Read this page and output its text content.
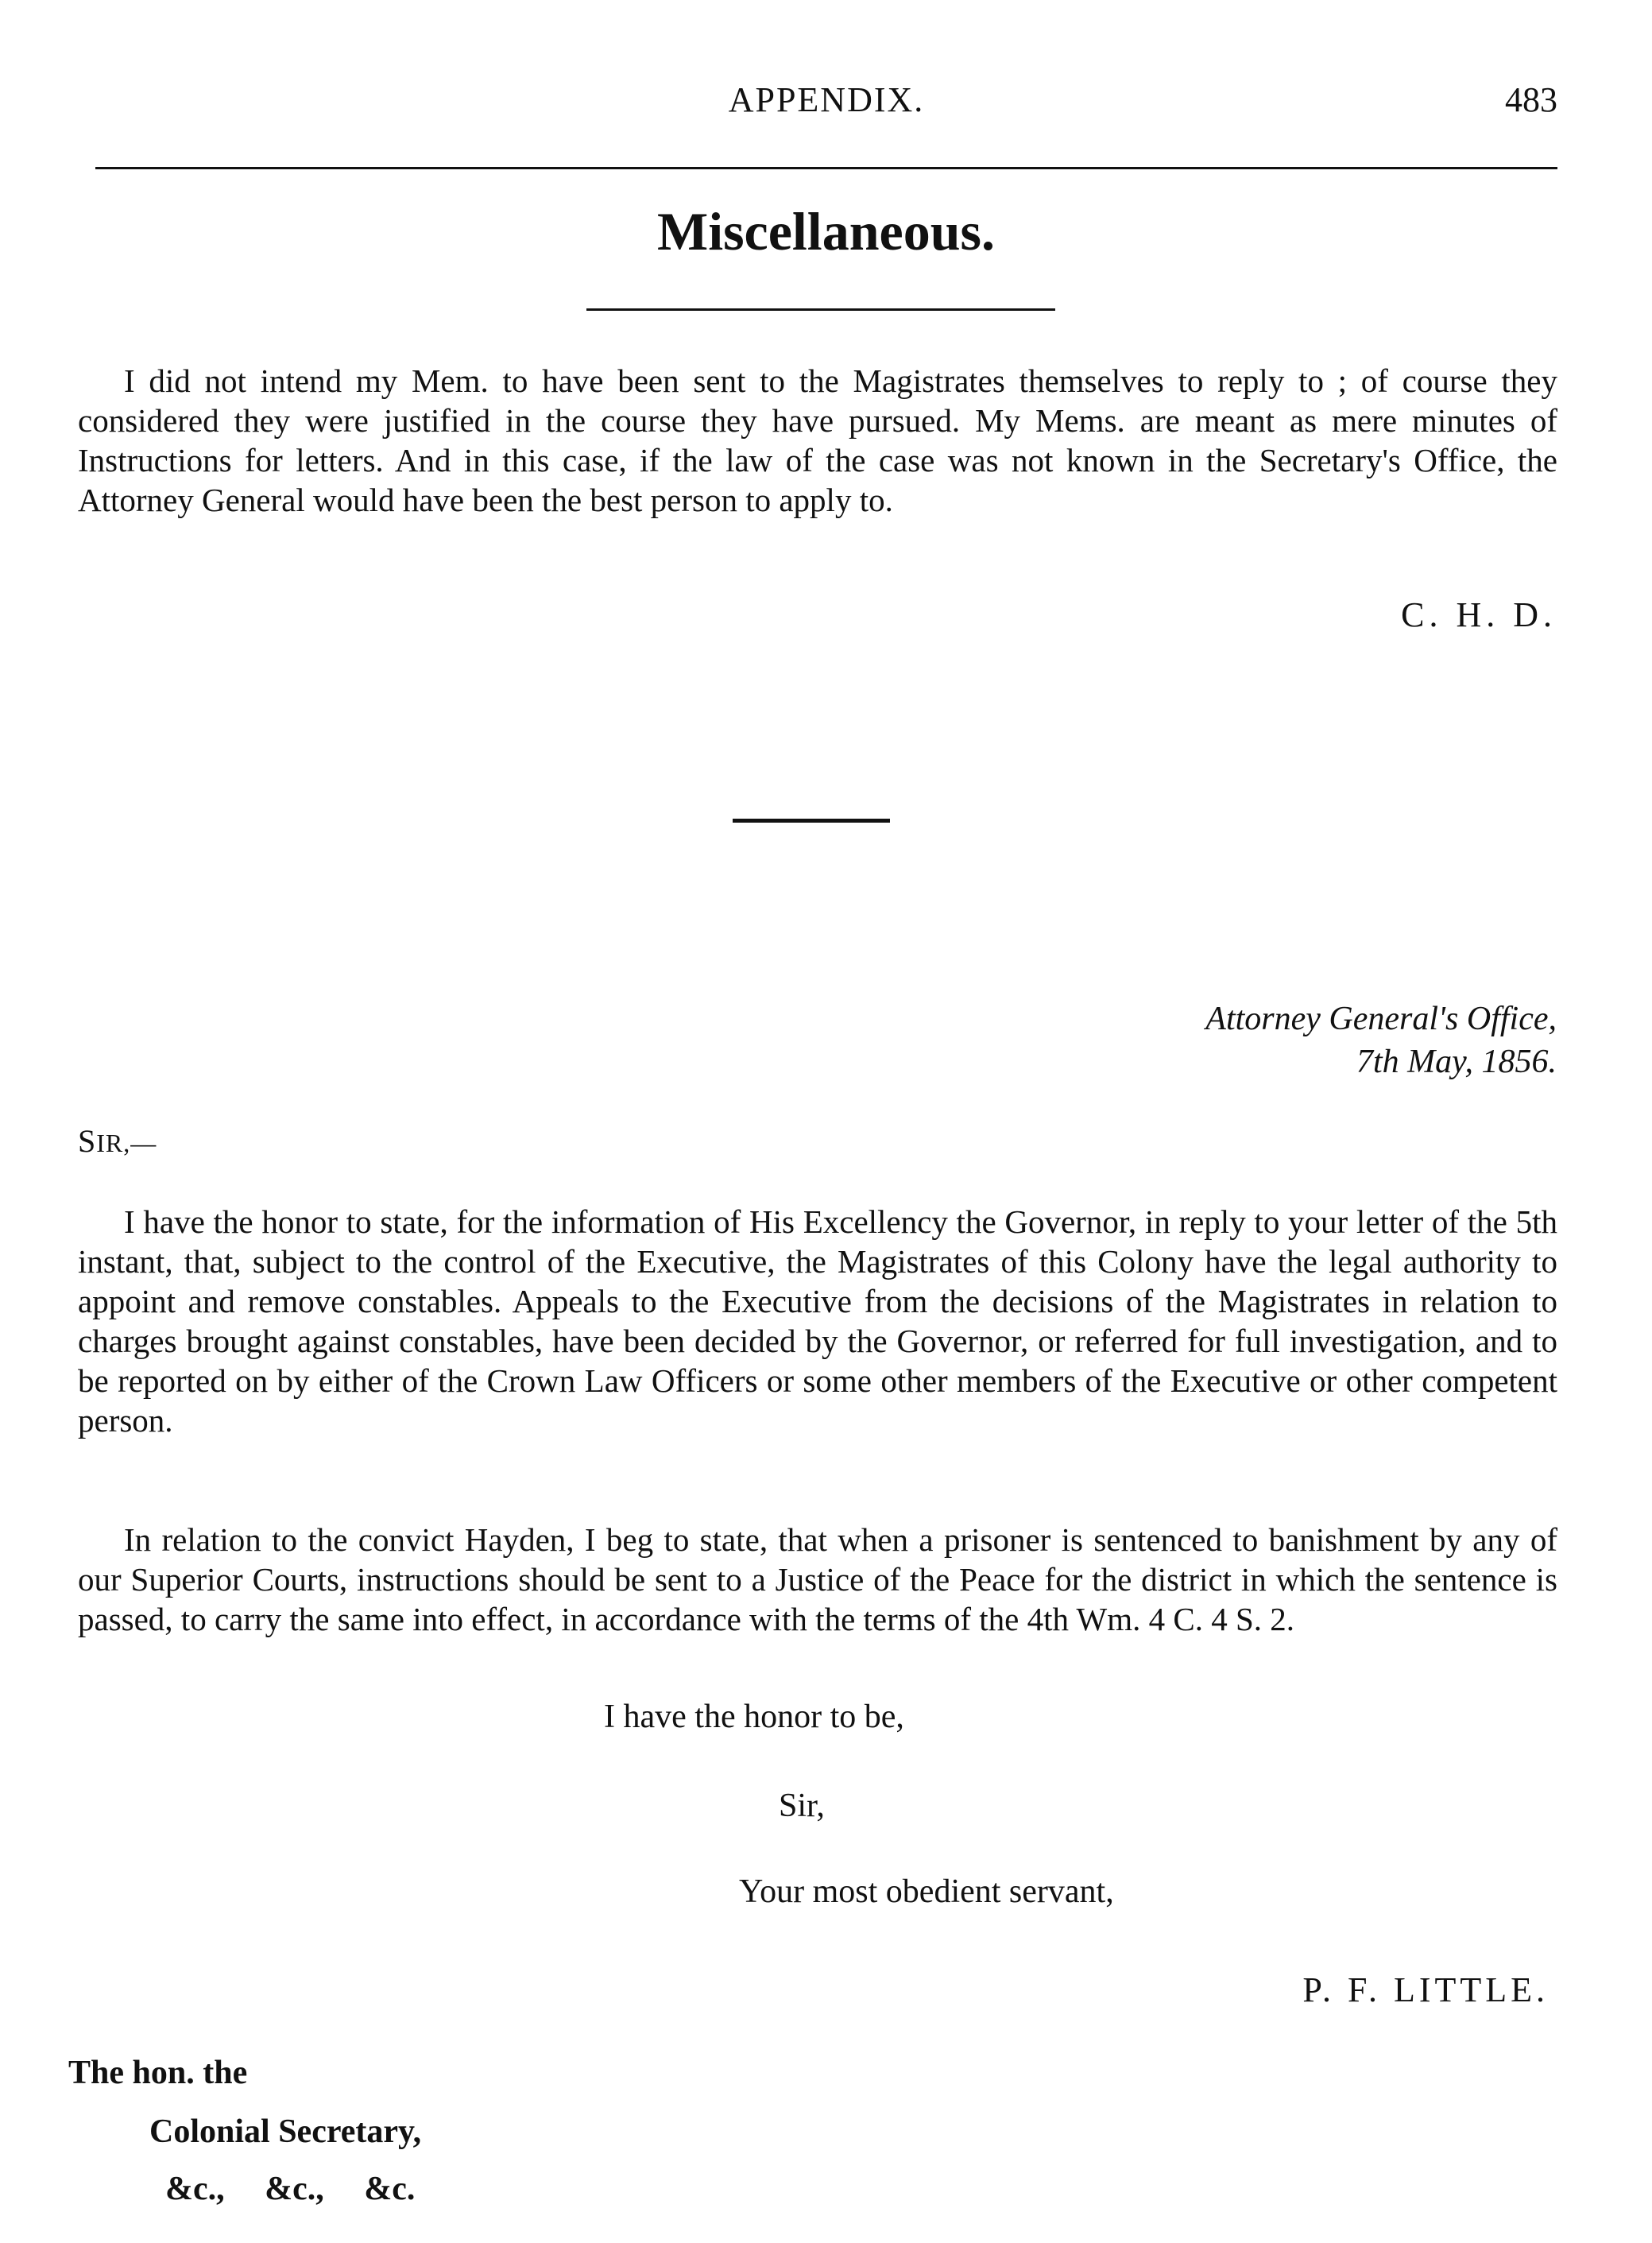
APPENDIX.	483
Miscellaneous.

I did not intend my Mem. to have been sent to the Magistrates themselves to reply to ; of course they considered they were justified in the course they have pursued. My Mems. are meant as mere minutes of Instructions for letters. And in this case, if the law of the case was not known in the Secretary's Office, the Attorney General would have been the best person to apply to.

C. H. D.
Attorney General's Office,
7th May, 1856.
SIR,—

I have the honor to state, for the information of His Excellency the Governor, in reply to your letter of the 5th instant, that, subject to the control of the Executive, the Magistrates of this Colony have the legal authority to appoint and remove constables. Appeals to the Executive from the decisions of the Magistrates in relation to charges brought against constables, have been decided by the Governor, or referred for full investigation, and to be reported on by either of the Crown Law Officers or some other members of the Executive or other competent person.

In relation to the convict Hayden, I beg to state, that when a prisoner is sentenced to banishment by any of our Superior Courts, instructions should be sent to a Justice of the Peace for the district in which the sentence is passed, to carry the same into effect, in accordance with the terms of the 4th Wm. 4 C. 4 S. 2.

I have the honor to be,
Sir,
Your most obedient servant,
P. F. LITTLE.
The hon. the
Colonial Secretary,
&c., &c., &c.
